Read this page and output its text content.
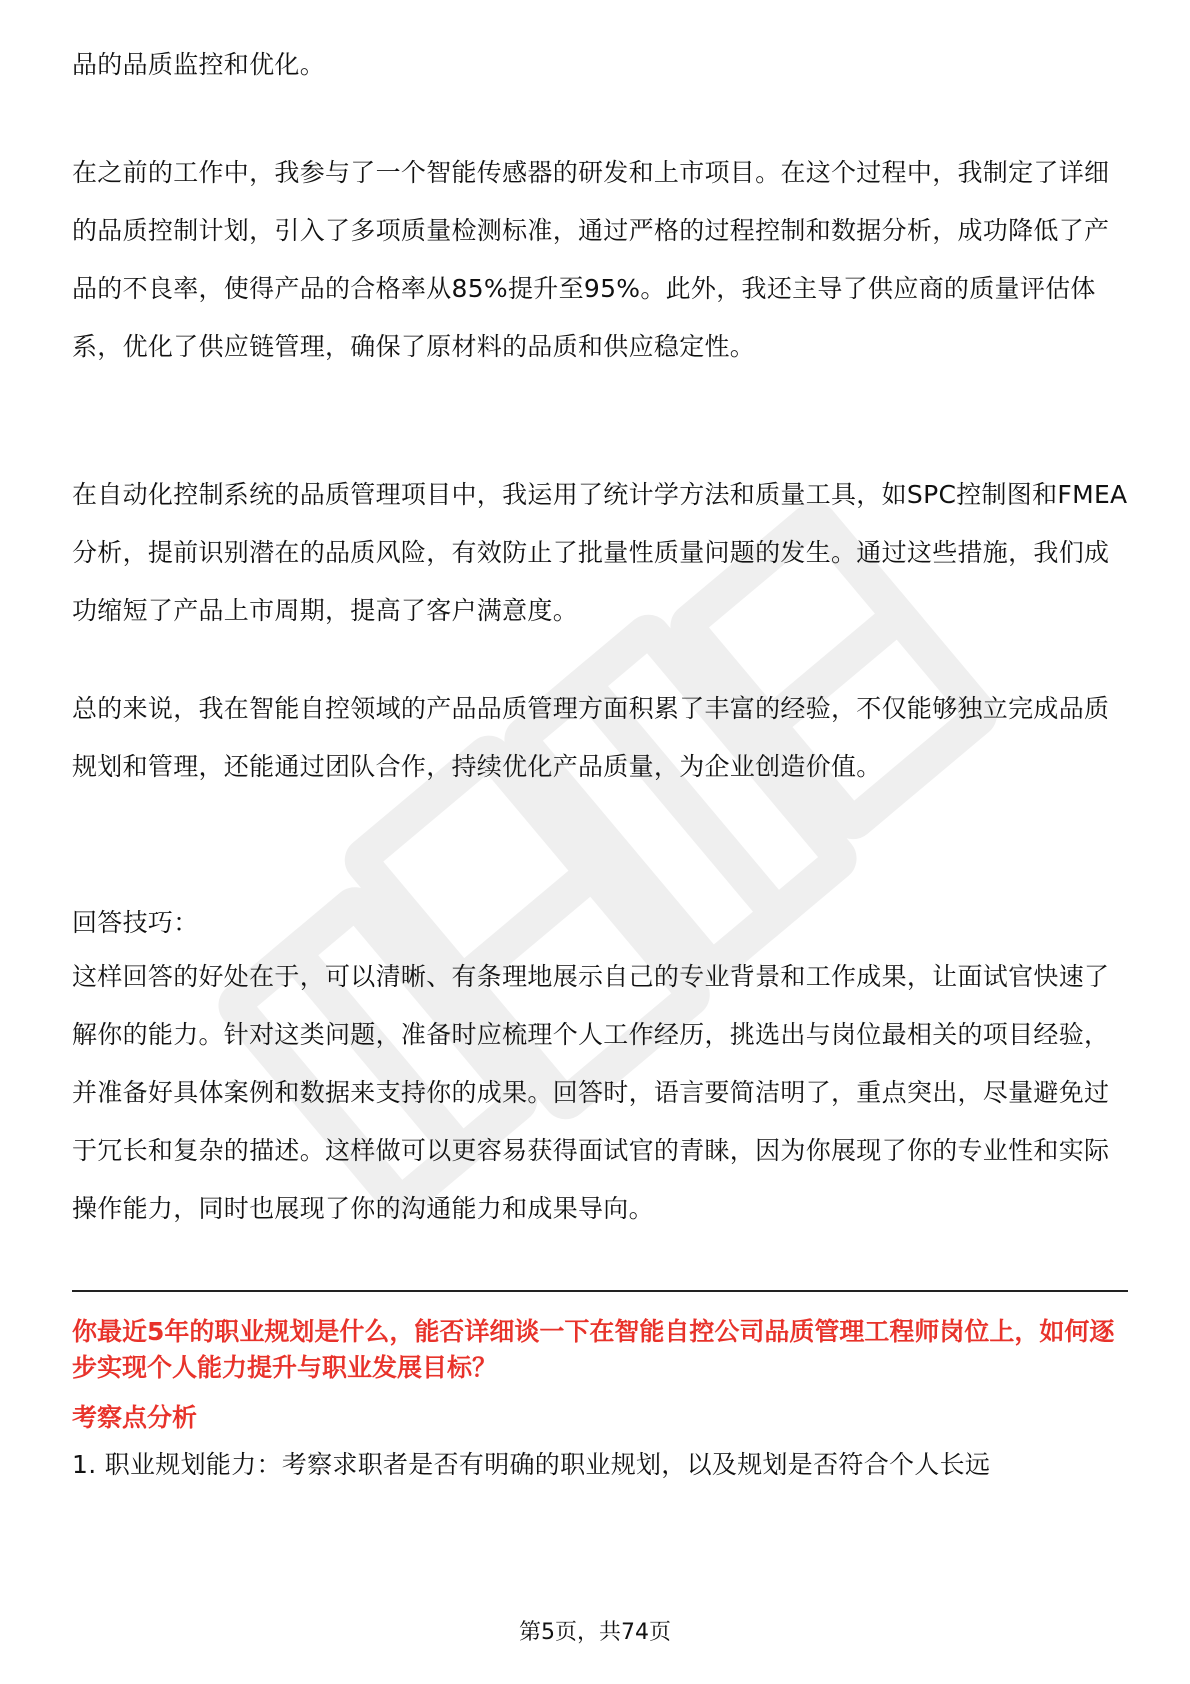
品的品质监控和优化。

在之前的工作中，我参与了一个智能传感器的研发和上市项目。在这个过程中，我制定了详细的品质控制计划，引入了多项质量检测标准，通过严格的过程控制和数据分析，成功降低了产品的不良率，使得产品的合格率从85%提升至95%。此外，我还主导了供应商的质量评估体系，优化了供应链管理，确保了原材料的品质和供应稳定性。

在自动化控制系统的品质管理项目中，我运用了统计学方法和质量工具，如SPC控制图和FMEA分析，提前识别潜在的品质风险，有效防止了批量性质量问题的发生。通过这些措施，我们成功缩短了产品上市周期，提高了客户满意度。

总的来说，我在智能自控领域的产品品质管理方面积累了丰富的经验，不仅能够独立完成品质规划和管理，还能通过团队合作，持续优化产品质量，为企业创造价值。

回答技巧：

这样回答的好处在于，可以清晰、有条理地展示自己的专业背景和工作成果，让面试官快速了解你的能力。针对这类问题，准备时应梳理个人工作经历，挑选出与岗位最相关的项目经验，并准备好具体案例和数据来支持你的成果。回答时，语言要简洁明了，重点突出，尽量避免过于冗长和复杂的描述。这样做可以更容易获得面试官的青睐，因为你展现了你的专业性和实际操作能力，同时也展现了你的沟通能力和成果导向。

你最近5年的职业规划是什么，能否详细谈一下在智能自控公司品质管理工程师岗位上，如何逐步实现个人能力提升与职业发展目标？

考察点分析

1. 职业规划能力：考察求职者是否有明确的职业规划，以及规划是否符合个人长远

第5页，共74页
